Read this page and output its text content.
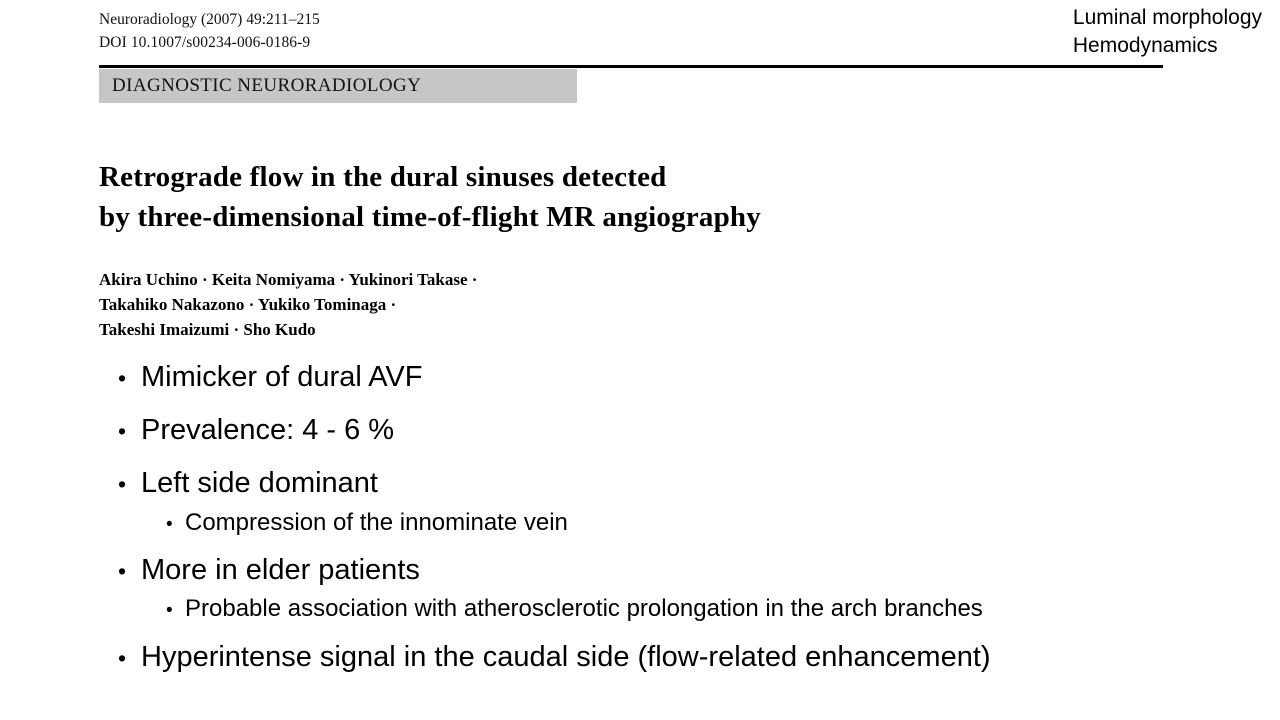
Luminal morphology
Hemodynamics
Neuroradiology (2007) 49:211–215
DOI 10.1007/s00234-006-0186-9
DIAGNOSTIC NEURORADIOLOGY
Retrograde flow in the dural sinuses detected
by three-dimensional time-of-flight MR angiography
Akira Uchino · Keita Nomiyama · Yukinori Takase ·
Takahiko Nakazono · Yukiko Tominaga ·
Takeshi Imaizumi · Sho Kudo
• Mimicker of dural AVF
• Prevalence: 4 - 6 %
• Left side dominant
• Compression of the innominate vein
• More in elder patients
• Probable association with atherosclerotic prolongation in the arch branches
• Hyperintense signal in the caudal side (flow-related enhancement)
